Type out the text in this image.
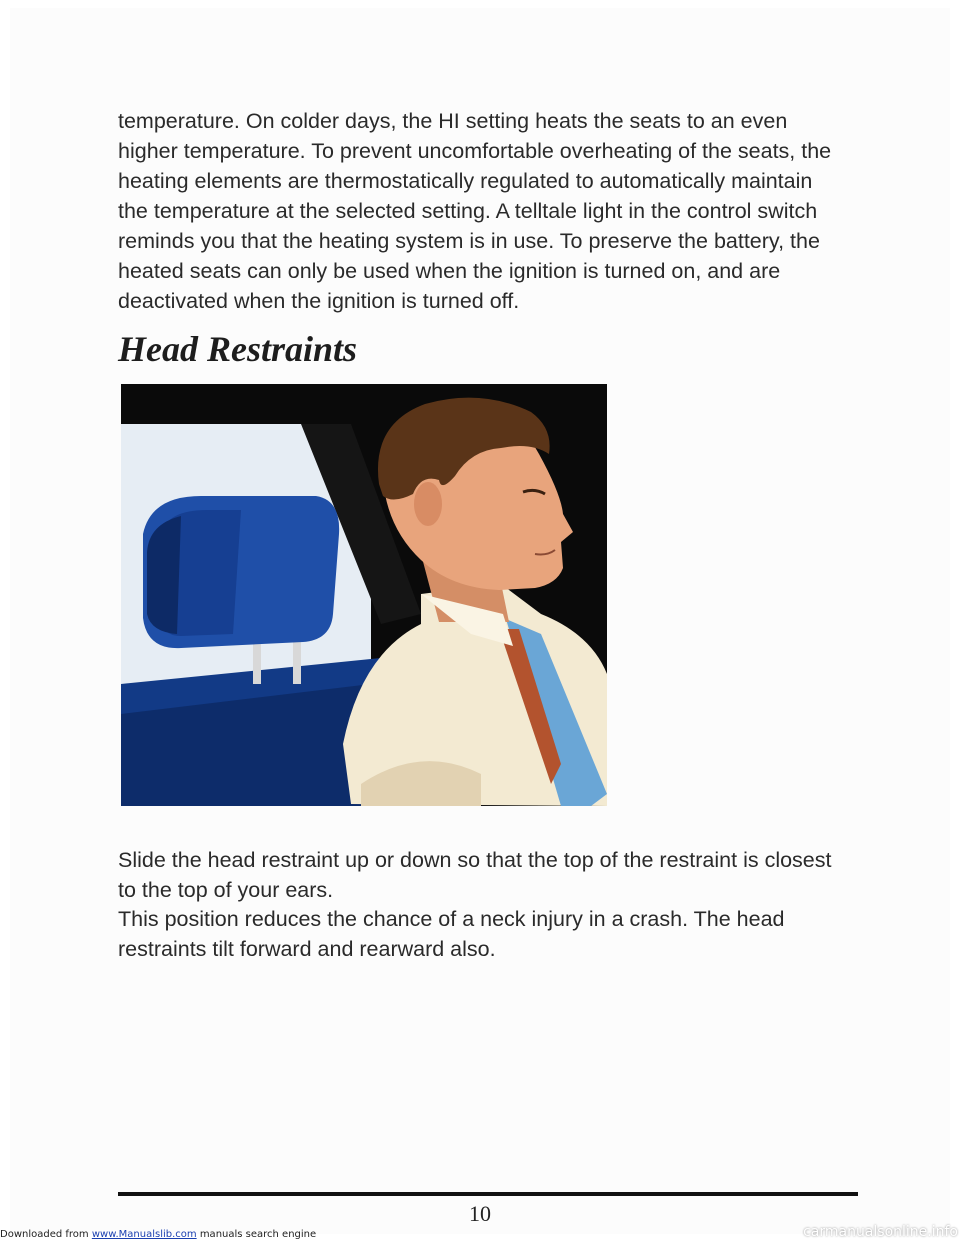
temperature. On colder days, the HI setting heats the seats to an even higher temperature. To prevent uncomfortable overheating of the seats, the heating elements are thermostatically regulated to automatically maintain the temperature at the selected setting. A telltale light in the control switch reminds you that the heating system is in use. To preserve the battery, the heated seats can only be used when the ignition is turned on, and are deactivated when the ignition is turned off.

Head Restraints

Slide the head restraint up or down so that the top of the restraint is closest to the top of your ears.

This position reduces the chance of a neck injury in a crash. The head restraints tilt forward and rearward also.

10
Downloaded from www.Manualslib.com manuals search engine	carmanualsonline.info
